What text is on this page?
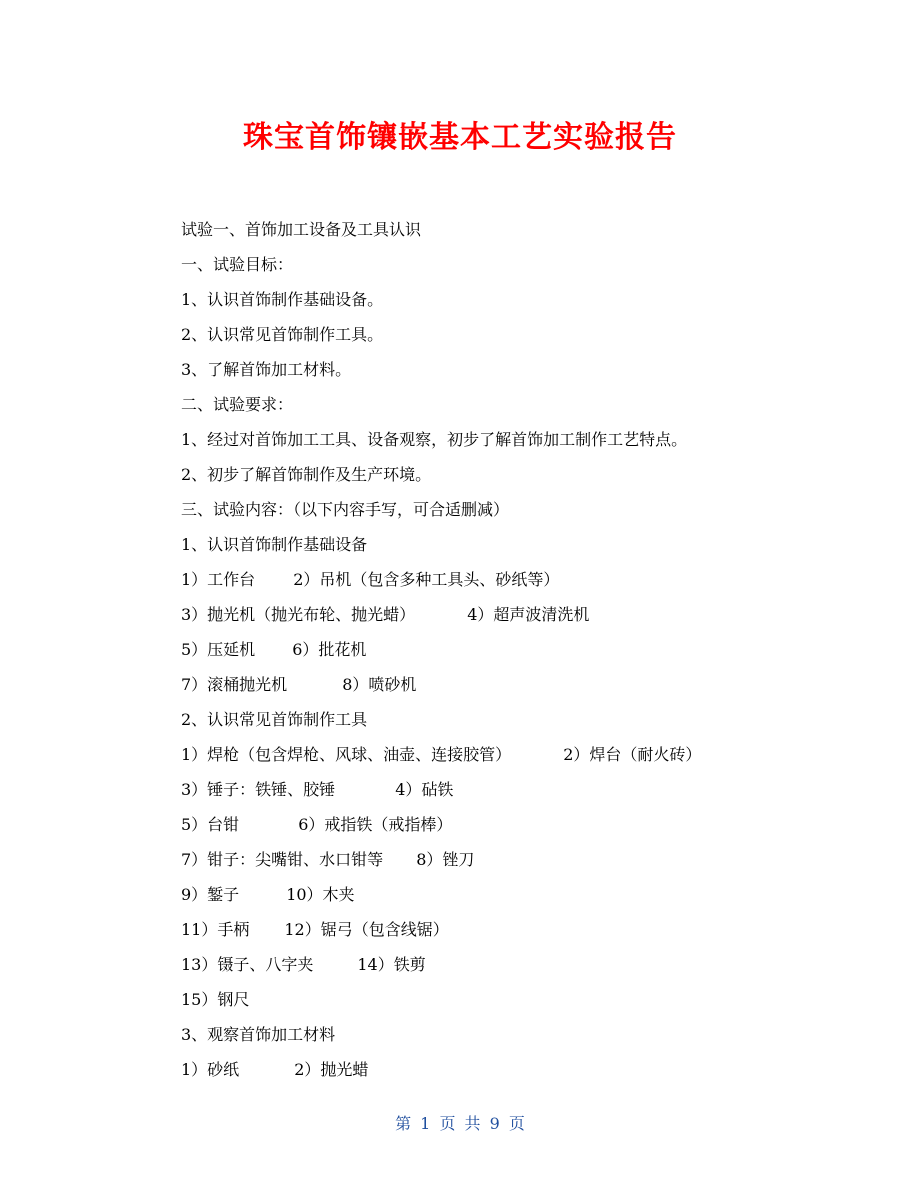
珠宝首饰镶嵌基本工艺实验报告
试验一、首饰加工设备及工具认识
一、试验目标：
1、认识首饰制作基础设备。
2、认识常见首饰制作工具。
3、了解首饰加工材料。
二、试验要求：
1、经过对首饰加工工具、设备观察，初步了解首饰加工制作工艺特点。
2、初步了解首饰制作及生产环境。
三、试验内容：（以下内容手写，可合适删减）
1、认识首饰制作基础设备
1）工作台 2）吊机（包含多种工具头、砂纸等）
3）抛光机（抛光布轮、抛光蜡）	4）超声波清洗机
5）压延机 6）批花机
7）滚桶抛光机	8）喷砂机
2、认识常见首饰制作工具
1）焊枪（包含焊枪、风球、油壶、连接胶管）	2）焊台（耐火砖）
3）锤子：铁锤、胶锤	4）砧铁
5）台钳	6）戒指铁（戒指棒）
7）钳子：尖嘴钳、水口钳等 8）锉刀
9）錾子	10）木夹
11）手柄 12）锯弓（包含线锯）
13）镊子、八字夹	14）铁剪
15）钢尺
3、观察首饰加工材料
1）砂纸	2）抛光蜡
第 1 页 共 9 页
